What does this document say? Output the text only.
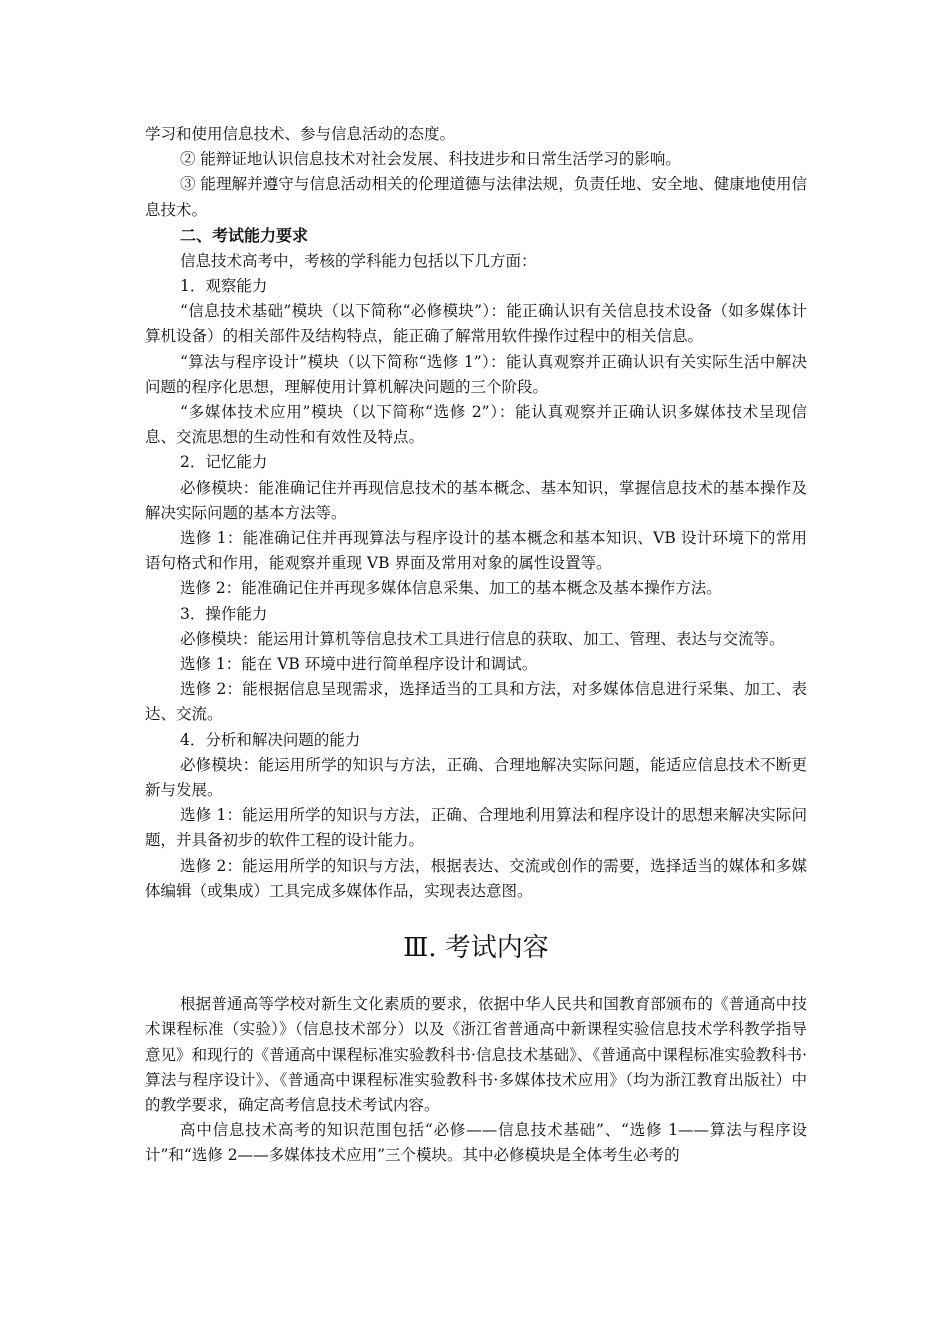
学习和使用信息技术、参与信息活动的态度。

② 能辩证地认识信息技术对社会发展、科技进步和日常生活学习的影响。

③ 能理解并遵守与信息活动相关的伦理道德与法律法规，负责任地、安全地、健康地使用信息技术。

二、考试能力要求

信息技术高考中，考核的学科能力包括以下几方面：

1．观察能力

“信息技术基础”模块（以下简称“必修模块”）：能正确认识有关信息技术设备（如多媒体计算机设备）的相关部件及结构特点，能正确了解常用软件操作过程中的相关信息。

“算法与程序设计”模块（以下简称“选修 1”）：能认真观察并正确认识有关实际生活中解决问题的程序化思想，理解使用计算机解决问题的三个阶段。

“多媒体技术应用”模块（以下简称“选修 2”）：能认真观察并正确认识多媒体技术呈现信息、交流思想的生动性和有效性及特点。

2．记忆能力

必修模块：能准确记住并再现信息技术的基本概念、基本知识，掌握信息技术的基本操作及解决实际问题的基本方法等。

选修 1：能准确记住并再现算法与程序设计的基本概念和基本知识、VB 设计环境下的常用语句格式和作用，能观察并重现 VB 界面及常用对象的属性设置等。

选修 2：能准确记住并再现多媒体信息采集、加工的基本概念及基本操作方法。

3．操作能力

必修模块：能运用计算机等信息技术工具进行信息的获取、加工、管理、表达与交流等。

选修 1：能在 VB 环境中进行简单程序设计和调试。

选修 2：能根据信息呈现需求，选择适当的工具和方法，对多媒体信息进行采集、加工、表达、交流。

4．分析和解决问题的能力

必修模块：能运用所学的知识与方法，正确、合理地解决实际问题，能适应信息技术不断更新与发展。

选修 1：能运用所学的知识与方法，正确、合理地利用算法和程序设计的思想来解决实际问题，并具备初步的软件工程的设计能力。

选修 2：能运用所学的知识与方法，根据表达、交流或创作的需要，选择适当的媒体和多媒体编辑（或集成）工具完成多媒体作品，实现表达意图。

Ⅲ. 考试内容

根据普通高等学校对新生文化素质的要求，依据中华人民共和国教育部颁布的《普通高中技术课程标准（实验）》（信息技术部分）以及《浙江省普通高中新课程实验信息技术学科教学指导意见》和现行的《普通高中课程标准实验教科书·信息技术基础》、《普通高中课程标准实验教科书·算法与程序设计》、《普通高中课程标准实验教科书·多媒体技术应用》（均为浙江教育出版社）中的教学要求，确定高考信息技术考试内容。

高中信息技术高考的知识范围包括“必修——信息技术基础”、“选修 1——算法与程序设计”和“选修 2——多媒体技术应用”三个模块。其中必修模块是全体考生必考的
